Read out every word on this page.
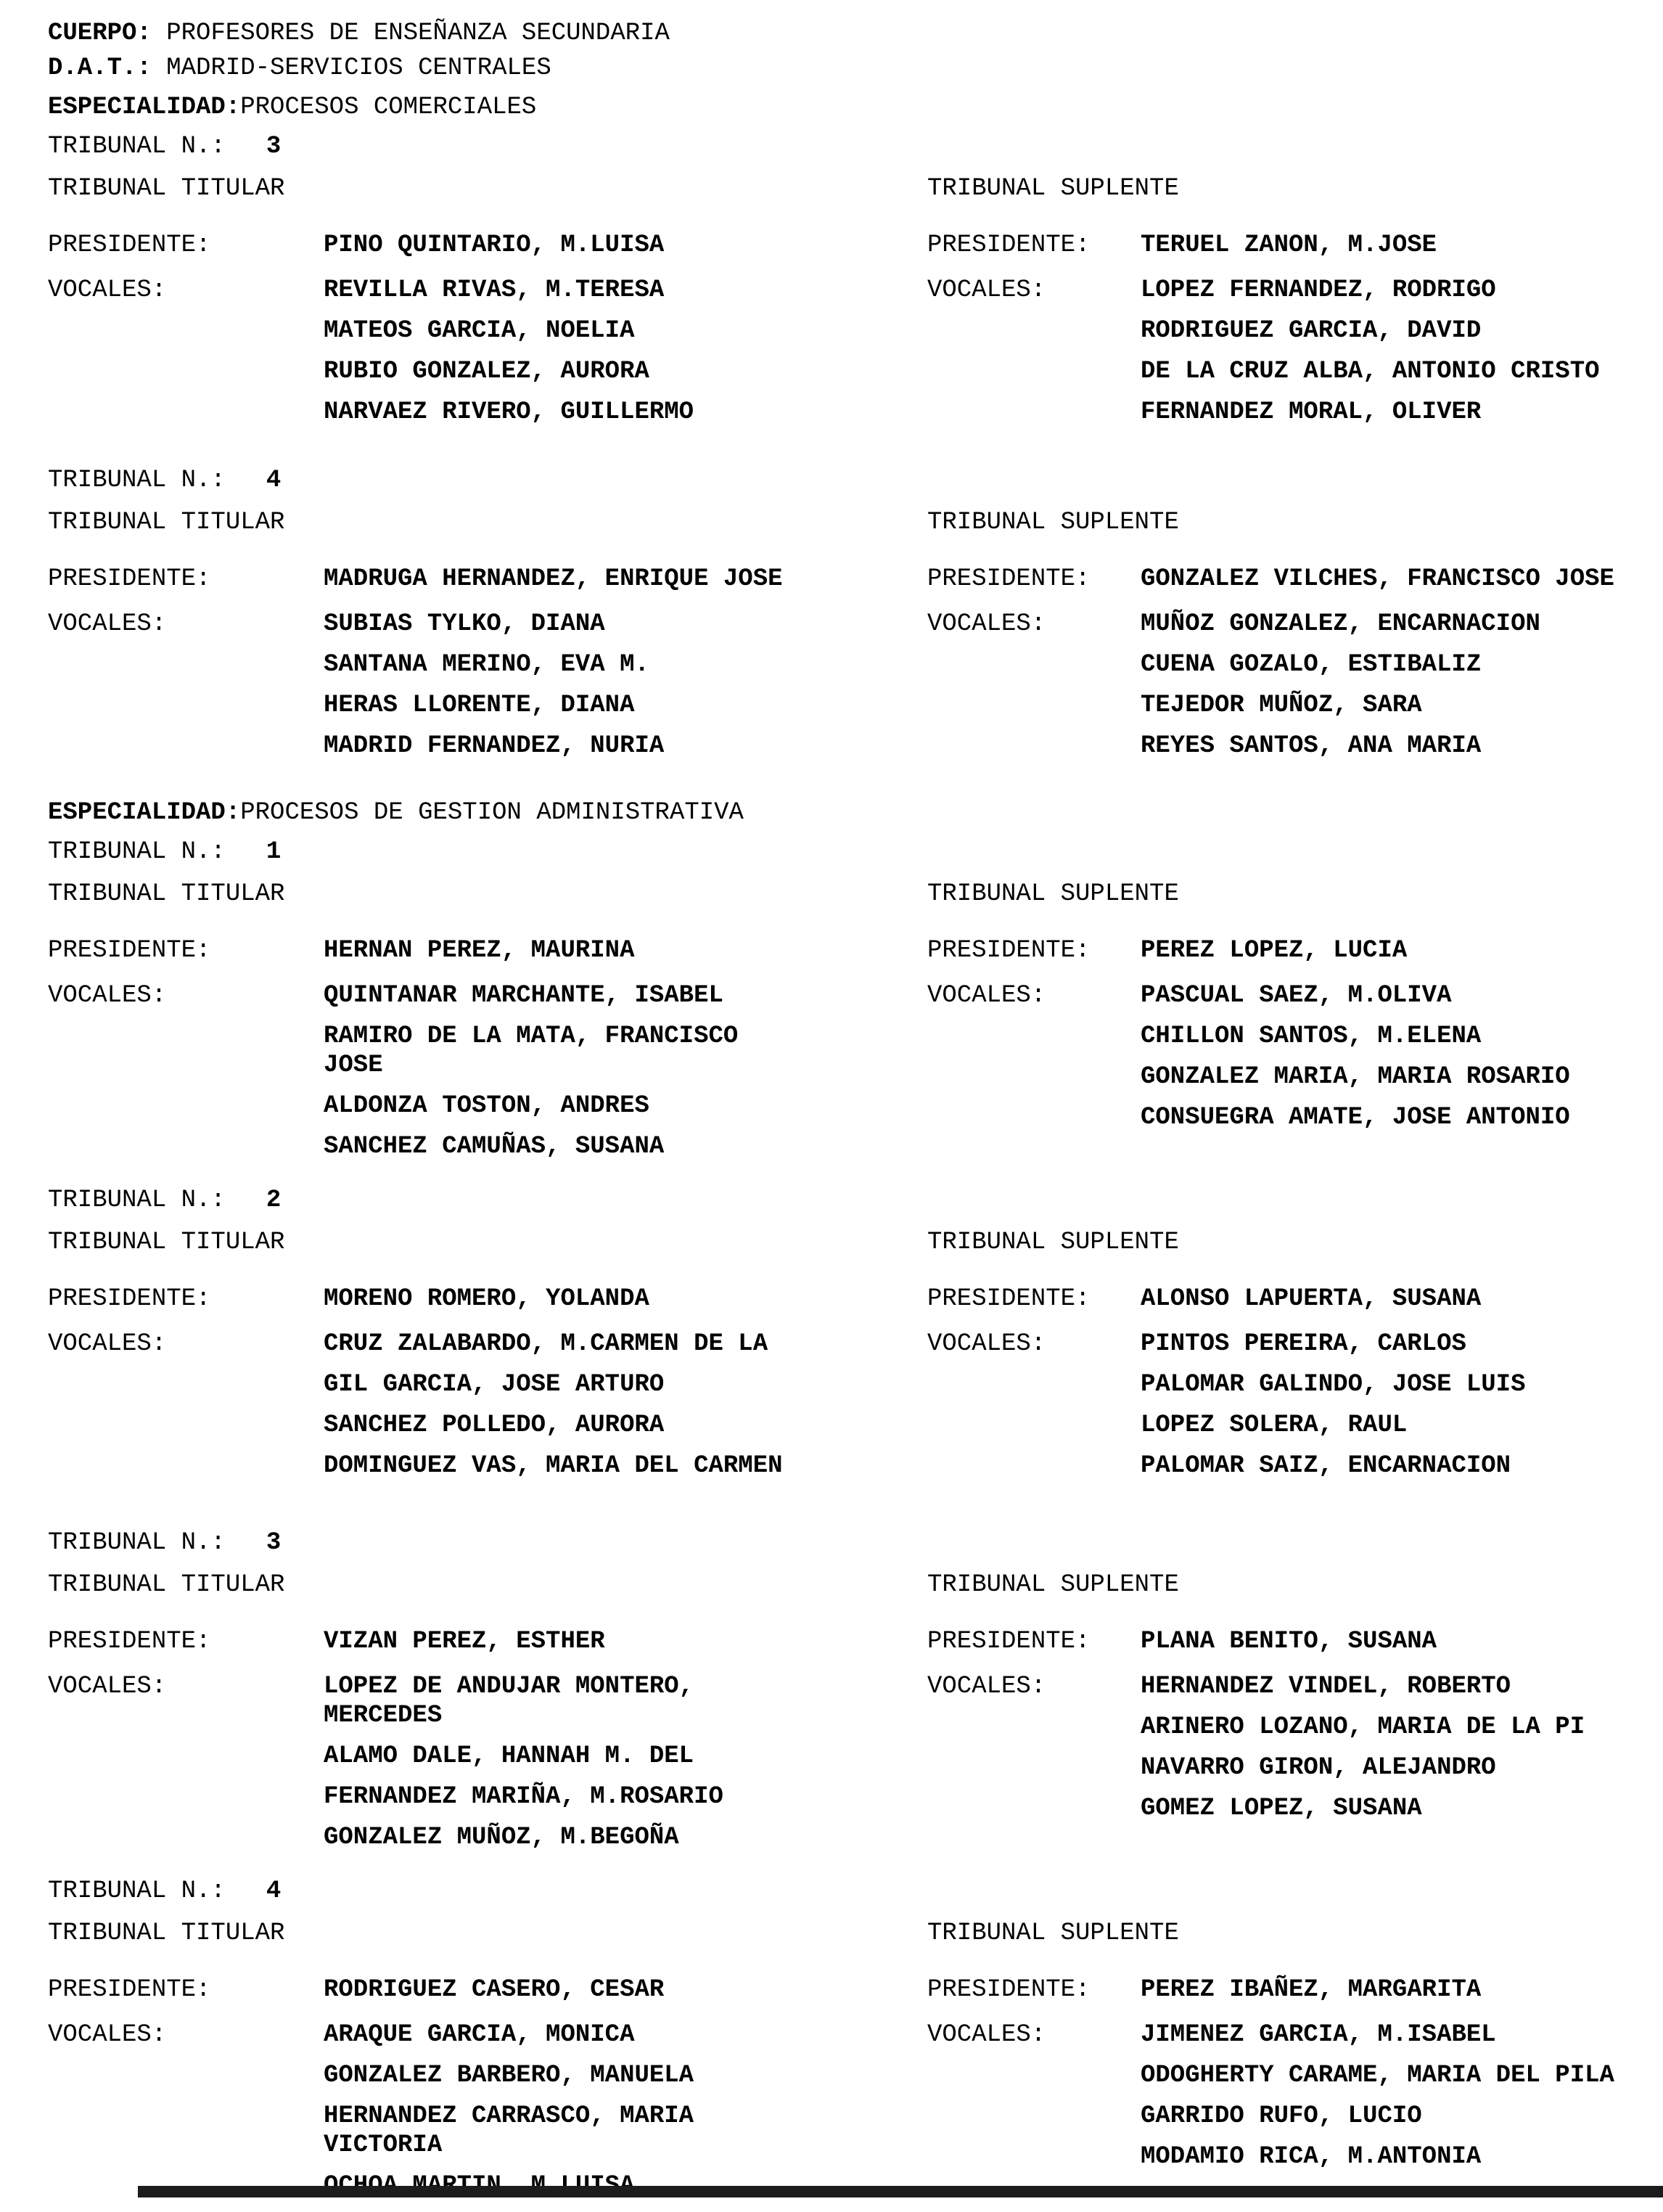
CUERPO: PROFESORES DE ENSEÑANZA SECUNDARIA
D.A.T.: MADRID-SERVICIOS CENTRALES
ESPECIALIDAD:PROCESOS COMERCIALES
TRIBUNAL N.: 3
TRIBUNAL TITULAR
PRESIDENTE:	PINO QUINTARIO, M.LUISA
VOCALES:	REVILLA RIVAS, M.TERESA
MATEOS GARCIA, NOELIA
RUBIO GONZALEZ, AURORA
NARVAEZ RIVERO, GUILLERMO
TRIBUNAL SUPLENTE
PRESIDENTE:	TERUEL ZANON, M.JOSE
VOCALES:	LOPEZ FERNANDEZ, RODRIGO
RODRIGUEZ GARCIA, DAVID
DE LA CRUZ ALBA, ANTONIO CRISTO
FERNANDEZ MORAL, OLIVER
TRIBUNAL N.: 4
TRIBUNAL TITULAR
PRESIDENTE:	MADRUGA HERNANDEZ, ENRIQUE JOSE
VOCALES:	SUBIAS TYLKO, DIANA
SANTANA MERINO, EVA M.
HERAS LLORENTE, DIANA
MADRID FERNANDEZ, NURIA
TRIBUNAL SUPLENTE
PRESIDENTE:	GONZALEZ VILCHES, FRANCISCO JOSE
VOCALES:	MUÑOZ GONZALEZ, ENCARNACION
CUENA GOZALO, ESTIBALIZ
TEJEDOR MUÑOZ, SARA
REYES SANTOS, ANA MARIA
ESPECIALIDAD:PROCESOS DE GESTION ADMINISTRATIVA
TRIBUNAL N.: 1
TRIBUNAL TITULAR
PRESIDENTE:	HERNAN PEREZ, MAURINA
VOCALES:	QUINTANAR MARCHANTE, ISABEL
RAMIRO DE LA MATA, FRANCISCO JOSE
ALDONZA TOSTON, ANDRES
SANCHEZ CAMUÑAS, SUSANA
TRIBUNAL SUPLENTE
PRESIDENTE:	PEREZ LOPEZ, LUCIA
VOCALES:	PASCUAL SAEZ, M.OLIVA
CHILLON SANTOS, M.ELENA
GONZALEZ MARIA, MARIA ROSARIO
CONSUEGRA AMATE, JOSE ANTONIO
TRIBUNAL N.: 2
TRIBUNAL TITULAR
PRESIDENTE:	MORENO ROMERO, YOLANDA
VOCALES:	CRUZ ZALABARDO, M.CARMEN DE LA
GIL GARCIA, JOSE ARTURO
SANCHEZ POLLEDO, AURORA
DOMINGUEZ VAS, MARIA DEL CARMEN
TRIBUNAL SUPLENTE
PRESIDENTE:	ALONSO LAPUERTA, SUSANA
VOCALES:	PINTOS PEREIRA, CARLOS
PALOMAR GALINDO, JOSE LUIS
LOPEZ SOLERA, RAUL
PALOMAR SAIZ, ENCARNACION
TRIBUNAL N.: 3
TRIBUNAL TITULAR
PRESIDENTE:	VIZAN PEREZ, ESTHER
VOCALES:	LOPEZ DE ANDUJAR MONTERO, MERCEDES
ALAMO DALE, HANNAH M. DEL
FERNANDEZ MARIÑA, M.ROSARIO
GONZALEZ MUÑOZ, M.BEGOÑA
TRIBUNAL SUPLENTE
PRESIDENTE:	PLANA BENITO, SUSANA
VOCALES:	HERNANDEZ VINDEL, ROBERTO
ARINERO LOZANO, MARIA DE LA PI
NAVARRO GIRON, ALEJANDRO
GOMEZ LOPEZ, SUSANA
TRIBUNAL N.: 4
TRIBUNAL TITULAR
PRESIDENTE:	RODRIGUEZ CASERO, CESAR
VOCALES:	ARAQUE GARCIA, MONICA
GONZALEZ BARBERO, MANUELA
HERNANDEZ CARRASCO, MARIA VICTORIA
TRIBUNAL SUPLENTE
PRESIDENTE:	PEREZ IBAÑEZ, MARGARITA
VOCALES:	JIMENEZ GARCIA, M.ISABEL
ODOGHERTY CARAME, MARIA DEL PILA
GARRIDO RUFO, LUCIO
MODAMIO RICA, M.ANTONIA
